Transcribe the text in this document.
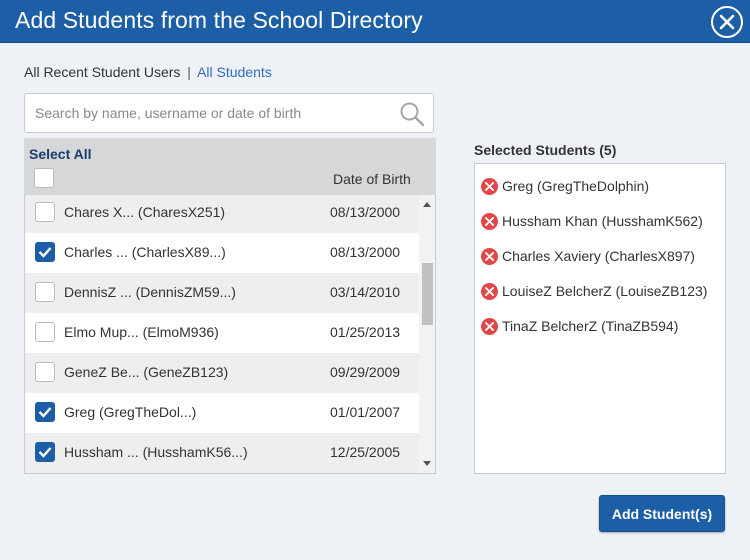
Add Students from the School Directory
All Recent Student Users | All Students
Search by name, username or date of birth
Select All
Date of Birth
Chares X... (CharesX251)	08/13/2000
Charles ... (CharlesX89...)	08/13/2000
DennisZ ... (DennisZM59...)	03/14/2010
Elmo Mup... (ElmoM936)	01/25/2013
GeneZ Be... (GeneZB123)	09/29/2009
Greg (GregTheDol...)	01/01/2007
Hussham ... (HusshamK56...)	12/25/2005
Selected Students (5)
Greg (GregTheDolphin)
Hussham Khan (HusshamK562)
Charles Xaviery (CharlesX897)
LouiseZ BelcherZ (LouiseZB123)
TinaZ BelcherZ (TinaZB594)
Add Student(s)
